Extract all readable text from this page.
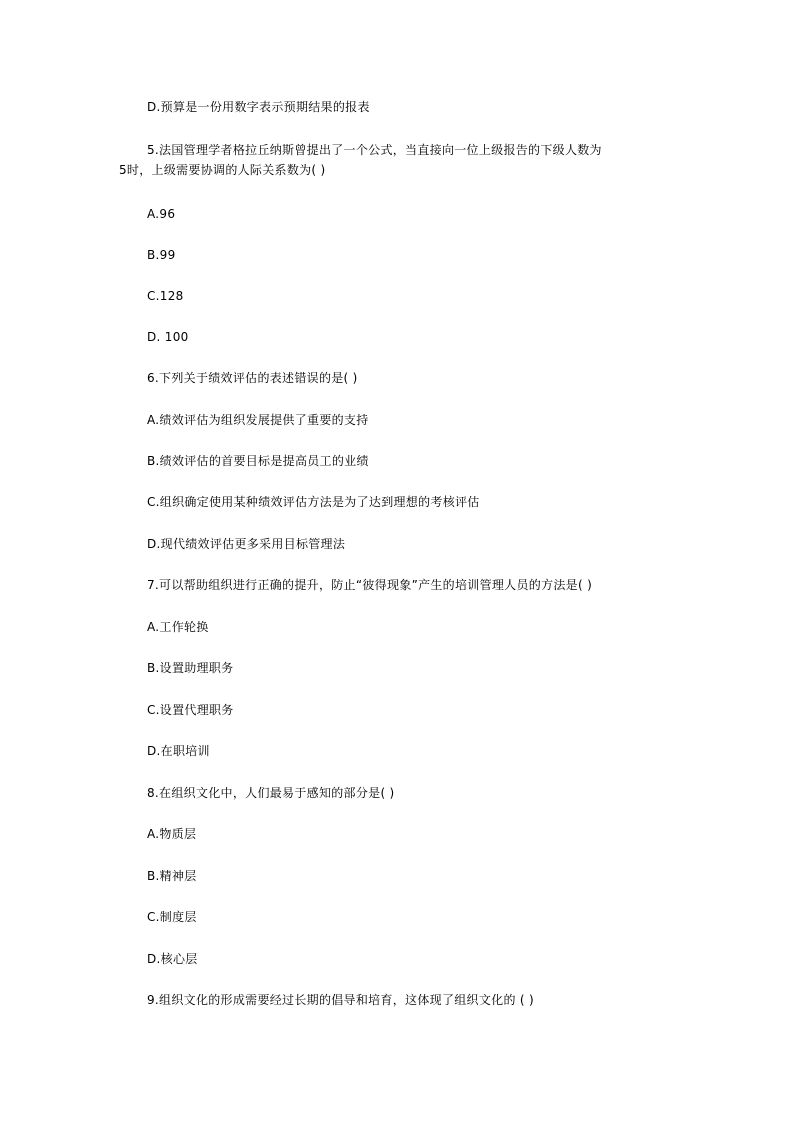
D.预算是一份用数字表示预期结果的报表
5.法国管理学者格拉丘纳斯曾提出了一个公式，当直接向一位上级报告的下级人数为
5时，上级需要协调的人际关系数为( )
A.96
B.99
C.128
D. 100
6.下列关于绩效评估的表述错误的是( )
A.绩效评估为组织发展提供了重要的支持
B.绩效评估的首要目标是提高员工的业绩
C.组织确定使用某种绩效评估方法是为了达到理想的考核评估
D.现代绩效评估更多采用目标管理法
7.可以帮助组织进行正确的提升，防止“彼得现象”产生的培训管理人员的方法是( )
A.工作轮换
B.设置助理职务
C.设置代理职务
D.在职培训
8.在组织文化中，人们最易于感知的部分是( )
A.物质层
B.精神层
C.制度层
D.核心层
9.组织文化的形成需要经过长期的倡导和培育，这体现了组织文化的 ( )
